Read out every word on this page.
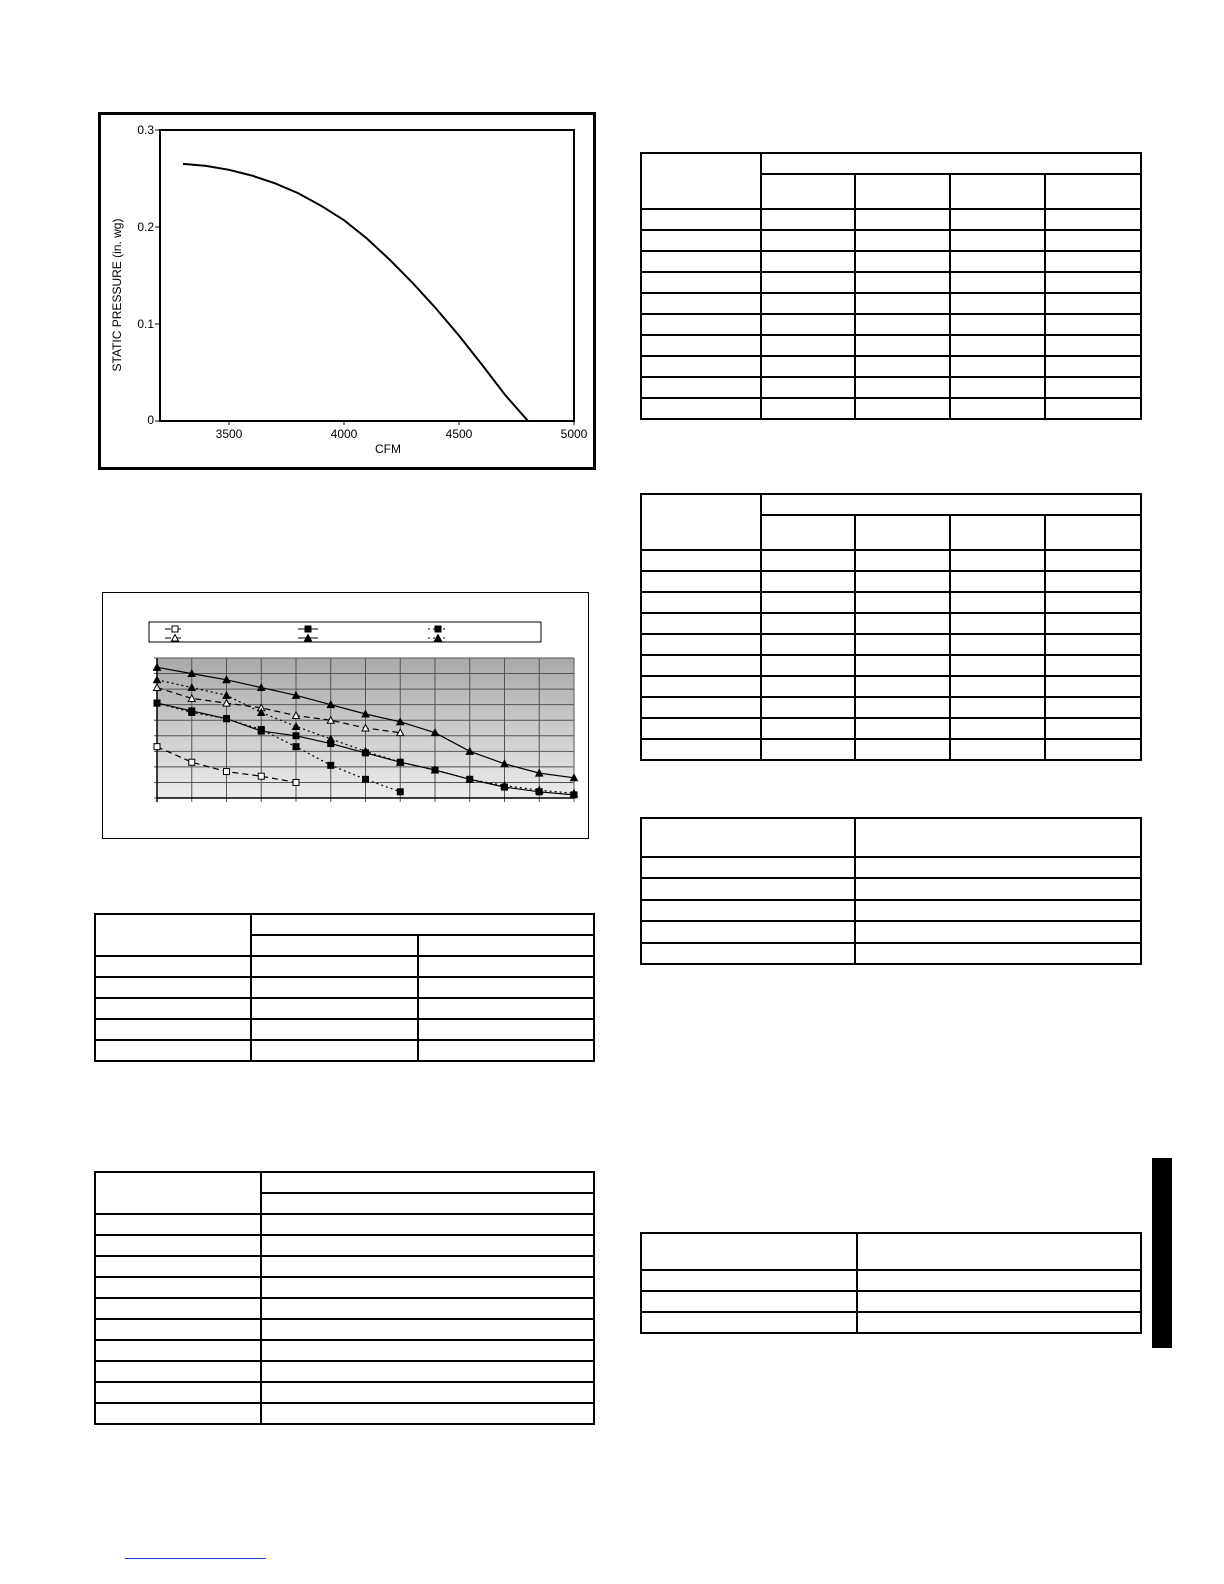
0
0.1
0.2
0.3
3500	4000	4500	5000
STATIC PRESSURE (in. wg)
CFM
